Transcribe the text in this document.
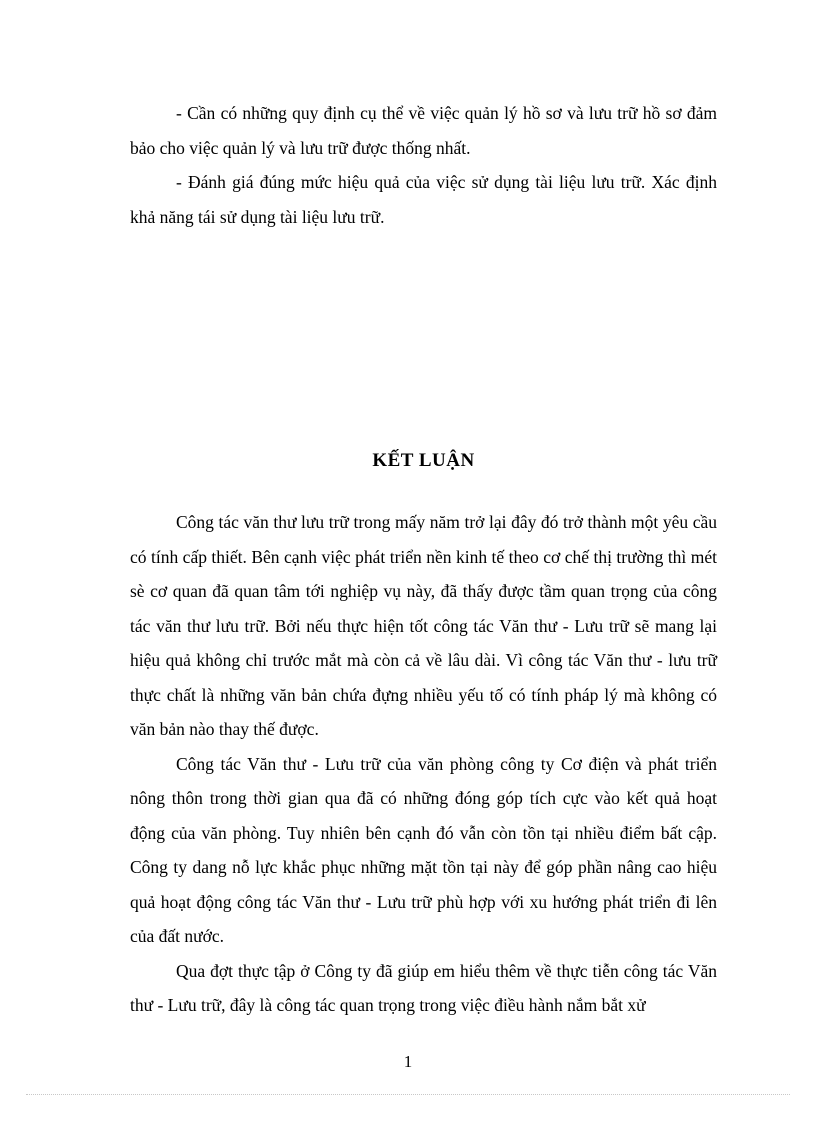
- Cần có những quy định cụ thể về việc quản lý hồ sơ và lưu trữ hồ sơ đảm bảo cho việc quản lý và lưu trữ được thống nhất.

- Đánh giá đúng mức hiệu quả của việc sử dụng tài liệu lưu trữ. Xác định khả năng tái sử dụng tài liệu lưu trữ.

KẾT LUẬN

Công tác văn thư lưu trữ trong mấy năm trở lại đây đó trở thành một yêu cầu có tính cấp thiết. Bên cạnh việc phát triển nền kinh tế theo cơ chế thị trường thì mét sè cơ quan đã quan tâm tới nghiệp vụ này, đã thấy được tầm quan trọng của công tác văn thư lưu trữ. Bởi nếu thực hiện tốt công tác Văn thư - Lưu trữ sẽ mang lại hiệu quả không chỉ trước mắt mà còn cả về lâu dài. Vì công tác Văn thư - lưu trữ thực chất là những văn bản chứa đựng nhiều yếu tố có tính pháp lý mà không có văn bản nào thay thế được.

Công tác Văn thư - Lưu trữ của văn phòng công ty Cơ điện và phát triển nông thôn trong thời gian qua đã có những đóng góp tích cực vào kết quả hoạt động của văn phòng. Tuy nhiên bên cạnh đó vẫn còn tồn tại nhiều điểm bất cập. Công ty dang nỗ lực khắc phục những mặt tồn tại này để góp phần nâng cao hiệu quả hoạt động công tác Văn thư - Lưu trữ phù hợp với xu hướng phát triển đi lên của đất nước.

Qua đợt thực tập ở Công ty đã giúp em hiểu thêm về thực tiễn công tác Văn thư - Lưu trữ, đây là công tác quan trọng trong việc điều hành nắm bắt xử

1
